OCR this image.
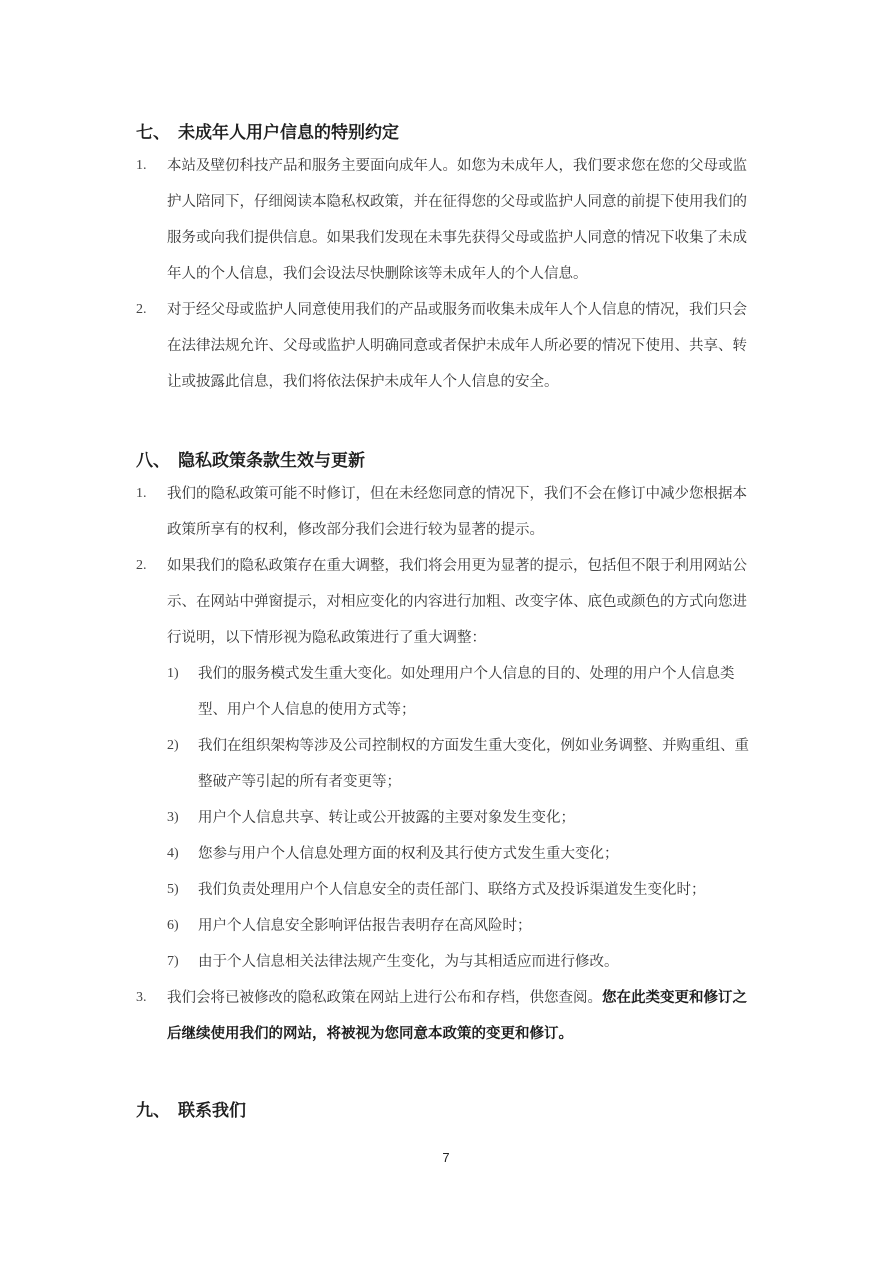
七、 未成年人用户信息的特别约定
1.	本站及壁仞科技产品和服务主要面向成年人。如您为未成年人，我们要求您在您的父母或监护人陪同下，仔细阅读本隐私权政策，并在征得您的父母或监护人同意的前提下使用我们的服务或向我们提供信息。如果我们发现在未事先获得父母或监护人同意的情况下收集了未成年人的个人信息，我们会设法尽快删除该等未成年人的个人信息。
2.	对于经父母或监护人同意使用我们的产品或服务而收集未成年人个人信息的情况，我们只会在法律法规允许、父母或监护人明确同意或者保护未成年人所必要的情况下使用、共享、转让或披露此信息，我们将依法保护未成年人个人信息的安全。
八、 隐私政策条款生效与更新
1.	我们的隐私政策可能不时修订，但在未经您同意的情况下，我们不会在修订中减少您根据本政策所享有的权利，修改部分我们会进行较为显著的提示。
2.	如果我们的隐私政策存在重大调整，我们将会用更为显著的提示，包括但不限于利用网站公示、在网站中弹窗提示，对相应变化的内容进行加粗、改变字体、底色或颜色的方式向您进行说明，以下情形视为隐私政策进行了重大调整：
1)	我们的服务模式发生重大变化。如处理用户个人信息的目的、处理的用户个人信息类型、用户个人信息的使用方式等；
2)	我们在组织架构等涉及公司控制权的方面发生重大变化，例如业务调整、并购重组、重整破产等引起的所有者变更等；
3)	用户个人信息共享、转让或公开披露的主要对象发生变化；
4)	您参与用户个人信息处理方面的权利及其行使方式发生重大变化；
5)	我们负责处理用户个人信息安全的责任部门、联络方式及投诉渠道发生变化时；
6)	用户个人信息安全影响评估报告表明存在高风险时；
7)	由于个人信息相关法律法规产生变化，为与其相适应而进行修改。
3.	我们会将已被修改的隐私政策在网站上进行公布和存档，供您查阅。您在此类变更和修订之后继续使用我们的网站，将被视为您同意本政策的变更和修订。
九、 联系我们
7
